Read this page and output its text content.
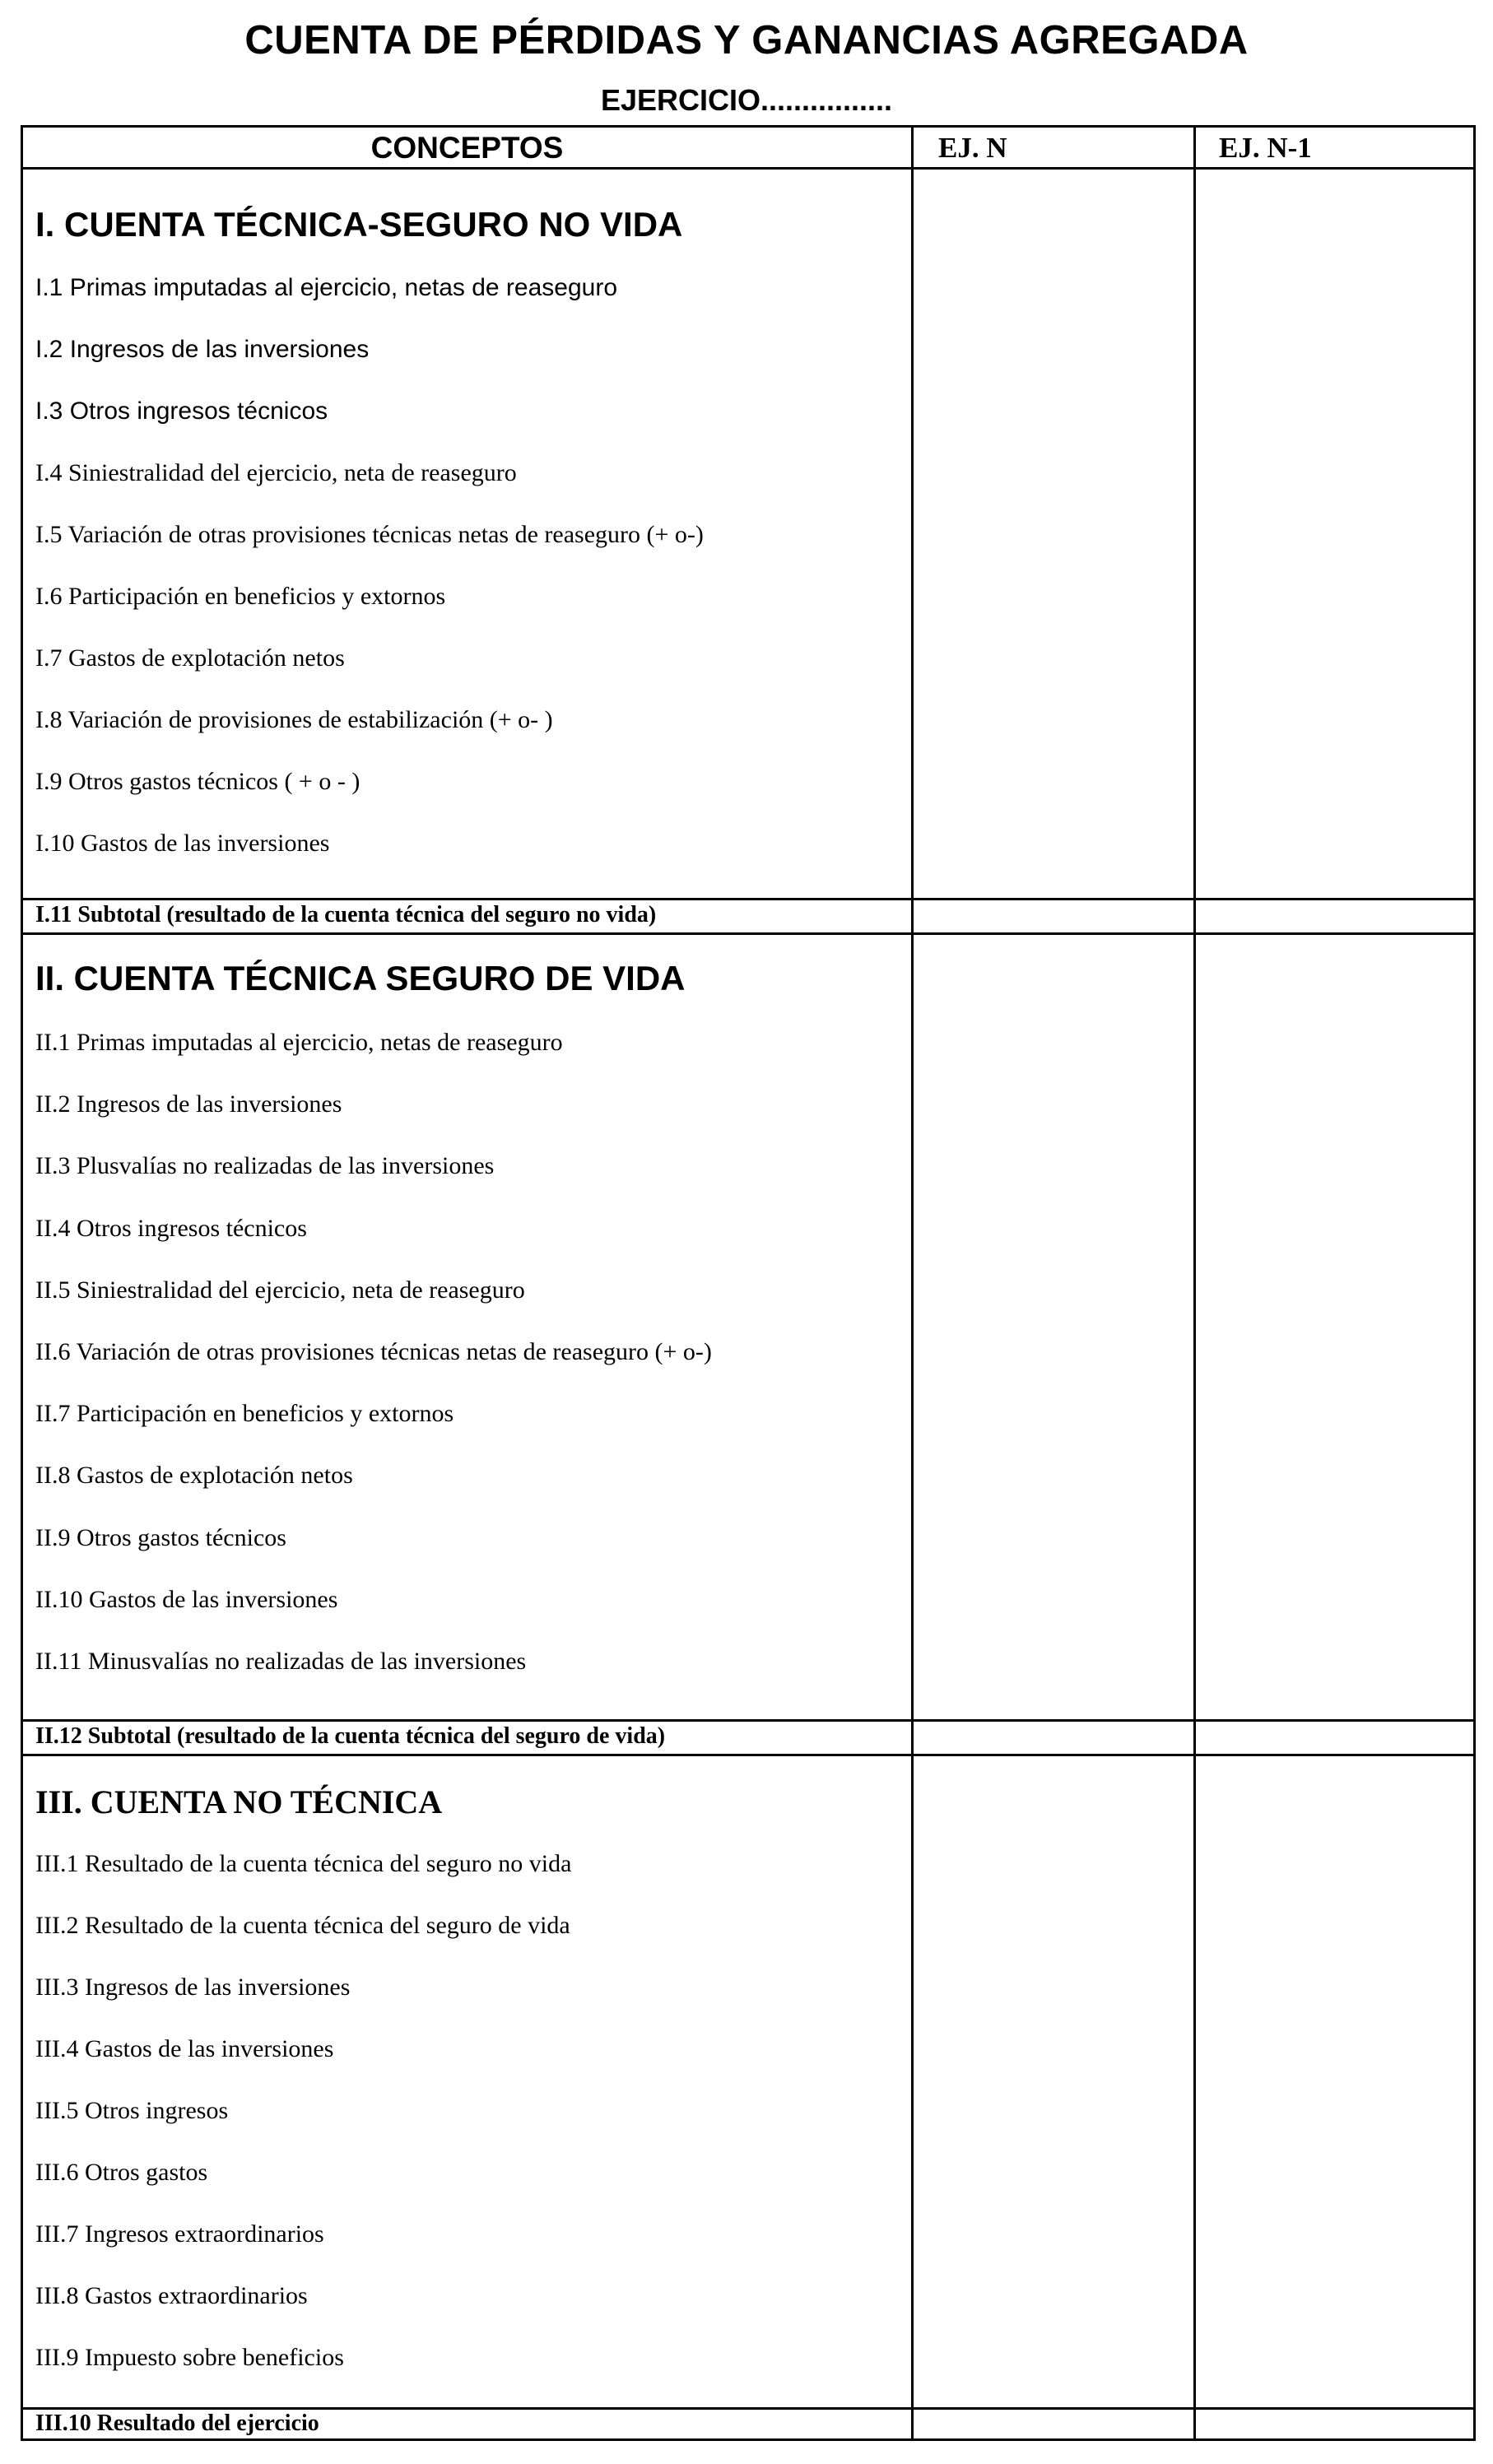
CUENTA DE PÉRDIDAS Y GANANCIAS AGREGADA
EJERCICIO................
CONCEPTOS	EJ. N	EJ. N-1
I. CUENTA TÉCNICA-SEGURO NO VIDA
I.1 Primas imputadas al ejercicio, netas de reaseguro
I.2 Ingresos de las inversiones
I.3 Otros ingresos técnicos
I.4 Siniestralidad del ejercicio, neta de reaseguro
I.5 Variación de otras provisiones técnicas netas de reaseguro (+ o-)
I.6 Participación en beneficios y extornos
I.7 Gastos de explotación netos
I.8 Variación de provisiones de estabilización (+ o- )
I.9 Otros gastos técnicos ( + o - )
I.10 Gastos de las inversiones
I.11 Subtotal (resultado de la cuenta técnica del seguro no vida)
II. CUENTA TÉCNICA SEGURO DE VIDA
II.1 Primas imputadas al ejercicio, netas de reaseguro
II.2 Ingresos de las inversiones
II.3 Plusvalías no realizadas de las inversiones
II.4 Otros ingresos técnicos
II.5 Siniestralidad del ejercicio, neta de reaseguro
II.6 Variación de otras provisiones técnicas netas de reaseguro (+ o-)
II.7 Participación en beneficios y extornos
II.8 Gastos de explotación netos
II.9 Otros gastos técnicos
II.10 Gastos de las inversiones
II.11 Minusvalías no realizadas de las inversiones
II.12 Subtotal (resultado de la cuenta técnica del seguro de vida)
III. CUENTA NO TÉCNICA
III.1 Resultado de la cuenta técnica del seguro no vida
III.2 Resultado de la cuenta técnica del seguro de vida
III.3 Ingresos de las inversiones
III.4 Gastos de las inversiones
III.5 Otros ingresos
III.6 Otros gastos
III.7 Ingresos extraordinarios
III.8 Gastos extraordinarios
III.9 Impuesto sobre beneficios
III.10 Resultado del ejercicio
